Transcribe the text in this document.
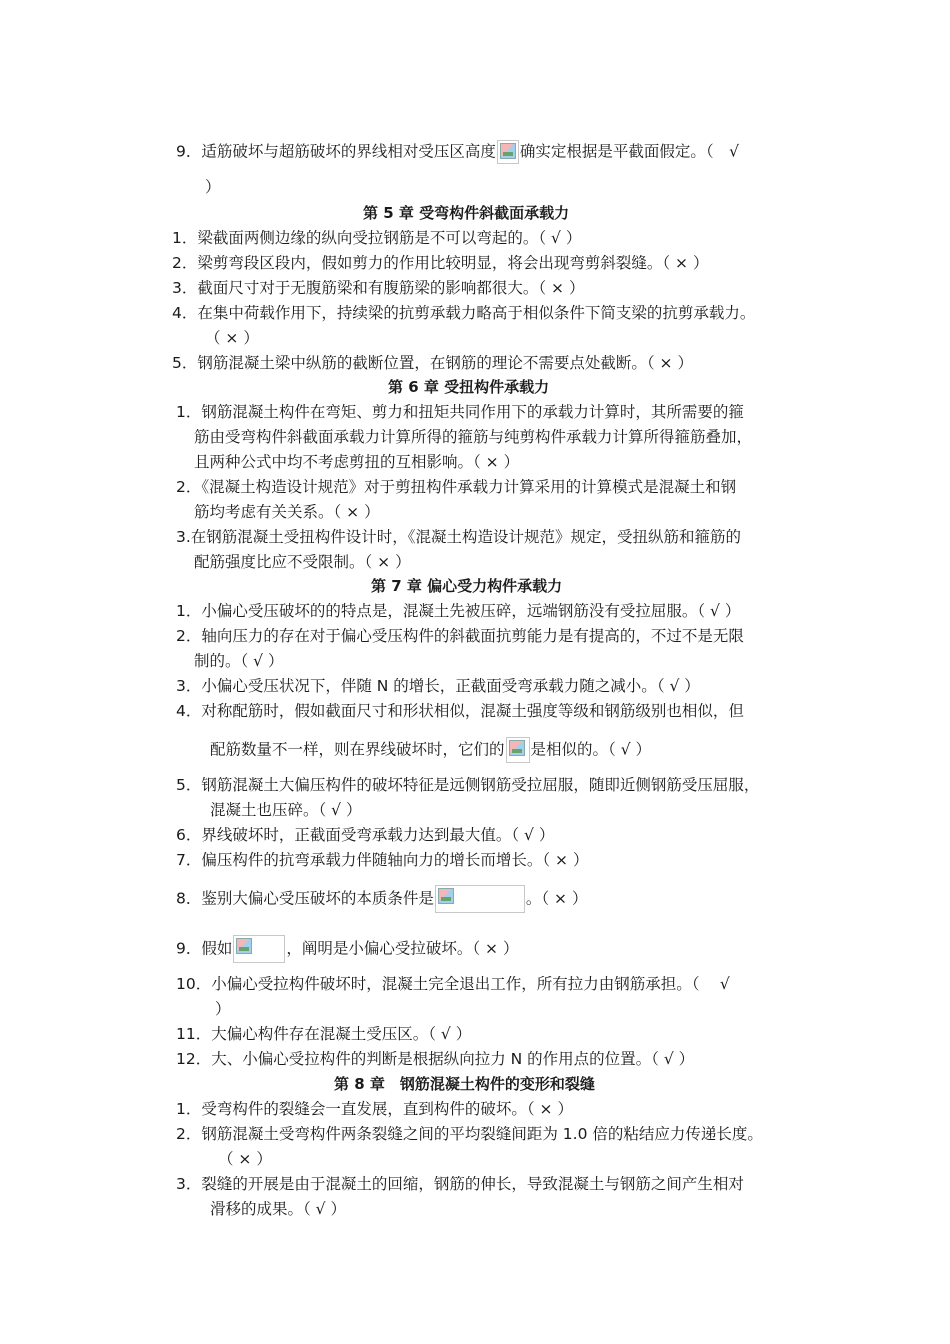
9．适筋破坏与超筋破坏的界线相对受压区高度 确实定根据是平截面假定。（　√
）
第 5 章 受弯构件斜截面承载力
1．梁截面两侧边缘的纵向受拉钢筋是不可以弯起的。（ √ ）
2．梁剪弯段区段内，假如剪力的作用比较明显，将会出现弯剪斜裂缝。（ × ）
3．截面尺寸对于无腹筋梁和有腹筋梁的影响都很大。（ × ）
4．在集中荷载作用下，持续梁的抗剪承载力略高于相似条件下简支梁的抗剪承载力。
（ × ）
5．钢筋混凝土梁中纵筋的截断位置，在钢筋的理论不需要点处截断。（ × ）
第 6 章 受扭构件承载力
1．钢筋混凝土构件在弯矩、剪力和扭矩共同作用下的承载力计算时，其所需要的箍
筋由受弯构件斜截面承载力计算所得的箍筋与纯剪构件承载力计算所得箍筋叠加，
且两种公式中均不考虑剪扭的互相影响。（ × ）
2．《混凝土构造设计规范》对于剪扭构件承载力计算采用的计算模式是混凝土和钢
筋均考虑有关关系。（ × ）
3.在钢筋混凝土受扭构件设计时，《混凝土构造设计规范》规定，受扭纵筋和箍筋的
配筋强度比应不受限制。（ × ）
第 7 章 偏心受力构件承载力
1．小偏心受压破坏的的特点是，混凝土先被压碎，远端钢筋没有受拉屈服。（ √ ）
2．轴向压力的存在对于偏心受压构件的斜截面抗剪能力是有提高的，不过不是无限
制的。（ √ ）
3．小偏心受压状况下，伴随 N 的增长，正截面受弯承载力随之减小。（ √ ）
4．对称配筋时，假如截面尺寸和形状相似，混凝土强度等级和钢筋级别也相似，但
配筋数量不一样，则在界线破坏时，它们的 是相似的。（ √ ）
5．钢筋混凝土大偏压构件的破坏特征是远侧钢筋受拉屈服，随即近侧钢筋受压屈服，
混凝土也压碎。（ √ ）
6．界线破坏时，正截面受弯承载力达到最大值。（ √ ）
7．偏压构件的抗弯承载力伴随轴向力的增长而增长。（ × ）
8．鉴别大偏心受压破坏的本质条件是	。（ × ）
9．假如	，阐明是小偏心受拉破坏。（ × ）
10．小偏心受拉构件破坏时，混凝土完全退出工作，所有拉力由钢筋承担。（　 √
）
11．大偏心构件存在混凝土受压区。（ √ ）
12．大、小偏心受拉构件的判断是根据纵向拉力 N 的作用点的位置。（ √ ）
第 8 章　钢筋混凝土构件的变形和裂缝
1．受弯构件的裂缝会一直发展，直到构件的破坏。（ × ）
2．钢筋混凝土受弯构件两条裂缝之间的平均裂缝间距为 1.0 倍的粘结应力传递长度。
（ × ）
3．裂缝的开展是由于混凝土的回缩，钢筋的伸长，导致混凝土与钢筋之间产生相对
滑移的成果。（ √ ）
